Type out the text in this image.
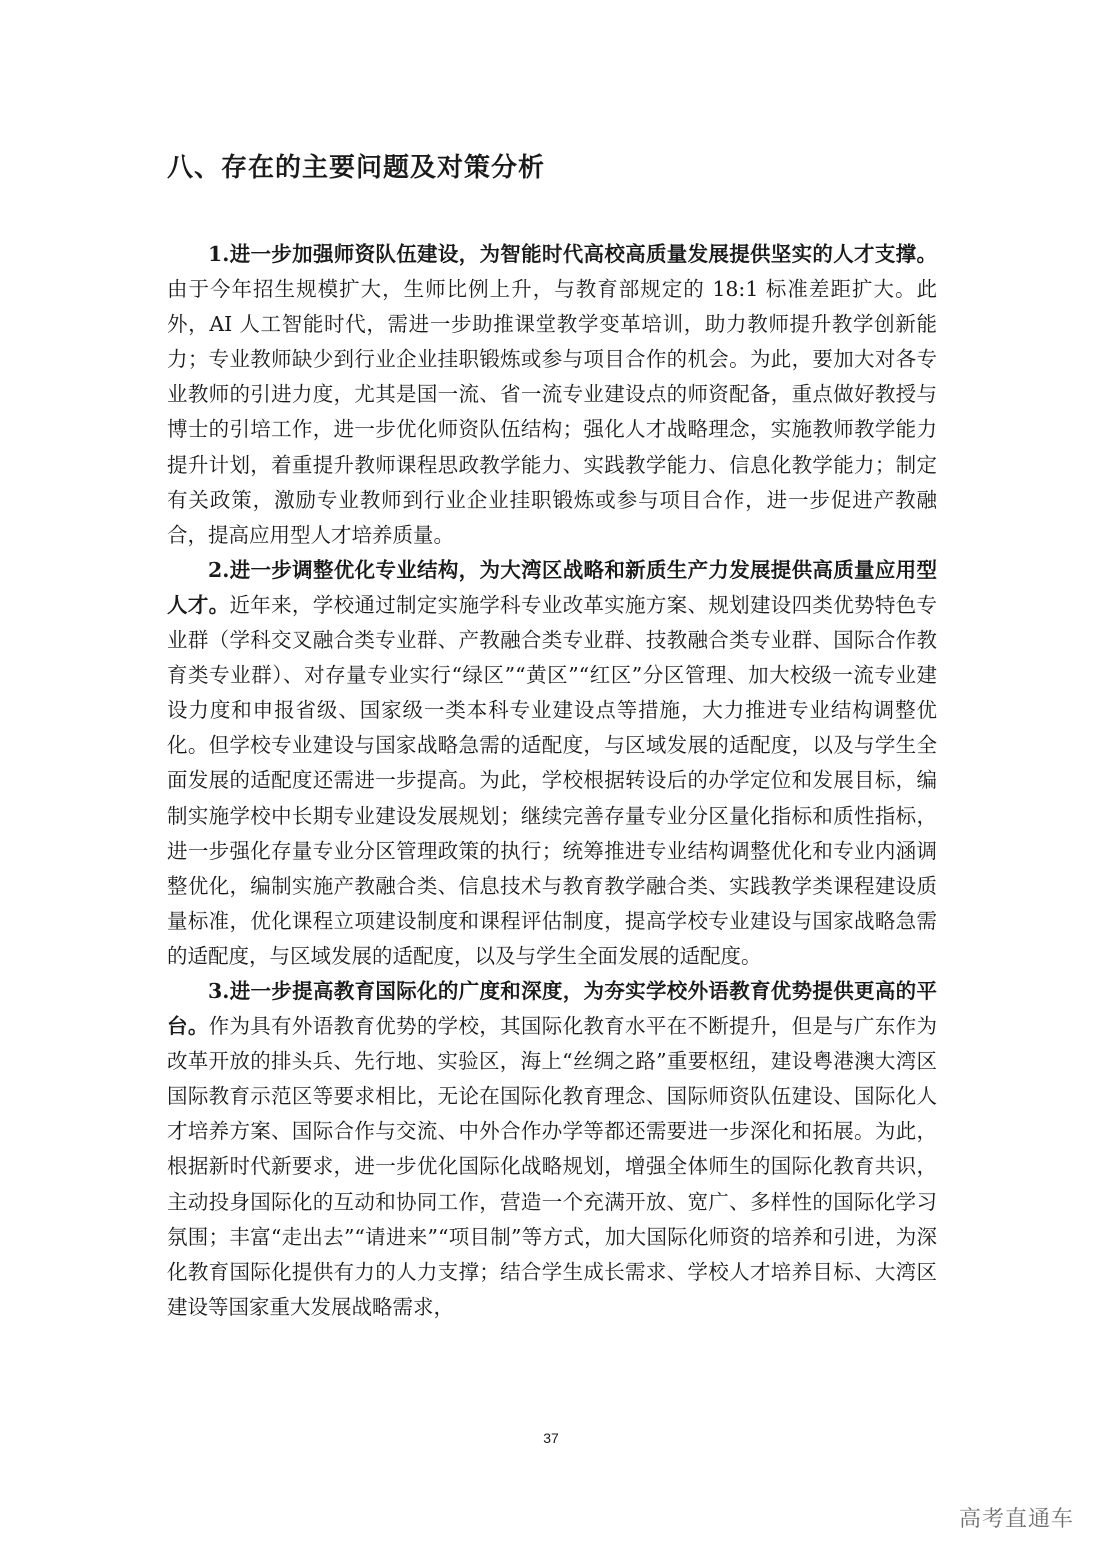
八、存在的主要问题及对策分析

1.进一步加强师资队伍建设，为智能时代高校高质量发展提供坚实的人才支撑。由于今年招生规模扩大，生师比例上升，与教育部规定的 18:1 标准差距扩大。此外，AI 人工智能时代，需进一步助推课堂教学变革培训，助力教师提升教学创新能力；专业教师缺少到行业企业挂职锻炼或参与项目合作的机会。为此，要加大对各专业教师的引进力度，尤其是国一流、省一流专业建设点的师资配备，重点做好教授与博士的引培工作，进一步优化师资队伍结构；强化人才战略理念，实施教师教学能力提升计划，着重提升教师课程思政教学能力、实践教学能力、信息化教学能力；制定有关政策，激励专业教师到行业企业挂职锻炼或参与项目合作，进一步促进产教融合，提高应用型人才培养质量。

2.进一步调整优化专业结构，为大湾区战略和新质生产力发展提供高质量应用型人才。近年来，学校通过制定实施学科专业改革实施方案、规划建设四类优势特色专业群（学科交叉融合类专业群、产教融合类专业群、技教融合类专业群、国际合作教育类专业群）、对存量专业实行“绿区”“黄区”“红区”分区管理、加大校级一流专业建设力度和申报省级、国家级一类本科专业建设点等措施，大力推进专业结构调整优化。但学校专业建设与国家战略急需的适配度，与区域发展的适配度，以及与学生全面发展的适配度还需进一步提高。为此，学校根据转设后的办学定位和发展目标，编制实施学校中长期专业建设发展规划；继续完善存量专业分区量化指标和质性指标，进一步强化存量专业分区管理政策的执行；统筹推进专业结构调整优化和专业内涵调整优化，编制实施产教融合类、信息技术与教育教学融合类、实践教学类课程建设质量标准，优化课程立项建设制度和课程评估制度，提高学校专业建设与国家战略急需的适配度，与区域发展的适配度，以及与学生全面发展的适配度。

3.进一步提高教育国际化的广度和深度，为夯实学校外语教育优势提供更高的平台。作为具有外语教育优势的学校，其国际化教育水平在不断提升，但是与广东作为改革开放的排头兵、先行地、实验区，海上“丝绸之路”重要枢纽，建设粤港澳大湾区国际教育示范区等要求相比，无论在国际化教育理念、国际师资队伍建设、国际化人才培养方案、国际合作与交流、中外合作办学等都还需要进一步深化和拓展。为此，根据新时代新要求，进一步优化国际化战略规划，增强全体师生的国际化教育共识，主动投身国际化的互动和协同工作，营造一个充满开放、宽广、多样性的国际化学习氛围；丰富“走出去”“请进来”“项目制”等方式，加大国际化师资的培养和引进，为深化教育国际化提供有力的人力支撑；结合学生成长需求、学校人才培养目标、大湾区建设等国家重大发展战略需求，

37

高考直通车
